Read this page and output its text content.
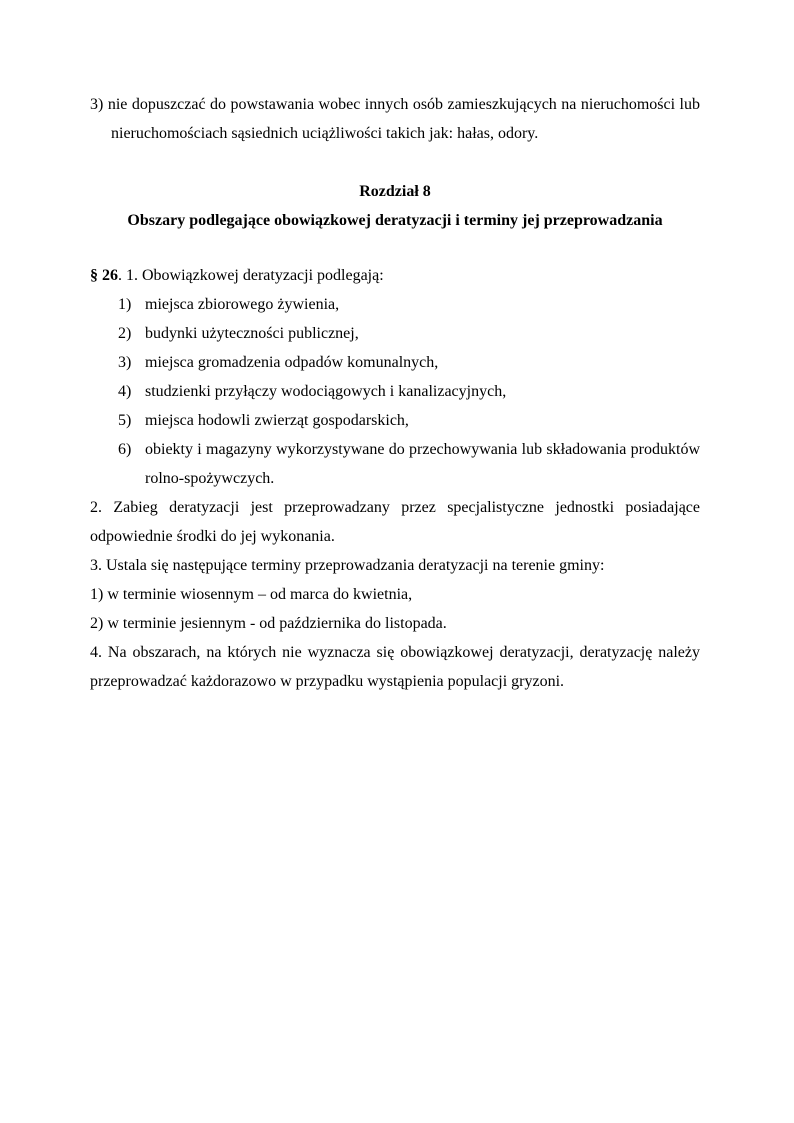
3) nie dopuszczać do powstawania wobec innych osób zamieszkujących na nieruchomości lub nieruchomościach sąsiednich uciążliwości takich jak: hałas, odory.

Rozdział 8

Obszary podlegające obowiązkowej deratyzacji i terminy jej przeprowadzania

§ 26. 1. Obowiązkowej deratyzacji podlegają:

1) miejsca zbiorowego żywienia,
2) budynki użyteczności publicznej,
3) miejsca gromadzenia odpadów komunalnych,
4) studzienki przyłączy wodociągowych i kanalizacyjnych,
5) miejsca hodowli zwierząt gospodarskich,
6) obiekty i magazyny wykorzystywane do przechowywania lub składowania produktów rolno-spożywczych.

2. Zabieg deratyzacji jest przeprowadzany przez specjalistyczne jednostki posiadające odpowiednie środki do jej wykonania.

3. Ustala się następujące terminy przeprowadzania deratyzacji na terenie gminy:

1) w terminie wiosennym – od marca do kwietnia,

2) w terminie jesiennym - od października do listopada.

4. Na obszarach, na których nie wyznacza się obowiązkowej deratyzacji, deratyzację należy przeprowadzać każdorazowo w przypadku wystąpienia populacji gryzoni.
